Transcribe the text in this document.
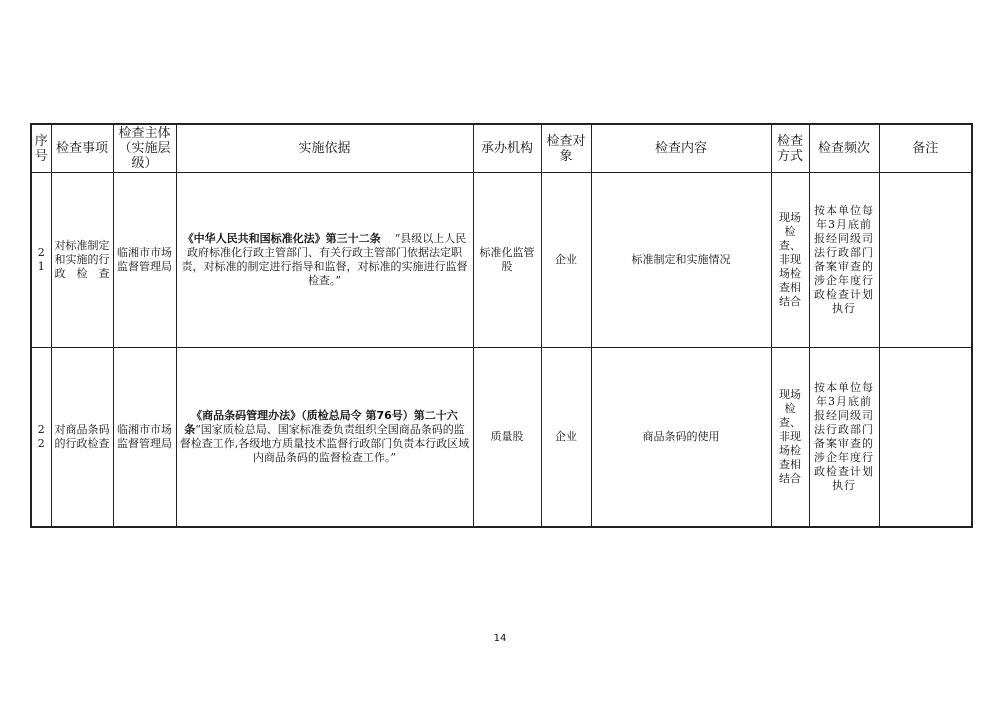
序号	检查事项	检查主体（实施层级）	实施依据	承办机构	检查对象	检查内容	检查方式	检查频次	备注
21	对标准制定和实施的行政检查	临湘市市场监督管理局	《中华人民共和国标准化法》第三十二条 “县级以上人民政府标准化行政主管部门、有关行政主管部门依据法定职责，对标准的制定进行指导和监督，对标准的实施进行监督检查。”	标准化监管股	企业	标准制定和实施情况	现场检查、非现场检查相结合	按本单位每年3月底前报经同级司法行政部门备案审查的涉企年度行政检查计划执行	
22	对商品条码的行政检查	临湘市市场监督管理局	《商品条码管理办法》（质检总局令 第76号）第二十六条“国家质检总局、国家标准委负责组织全国商品条码的监督检查工作,各级地方质量技术监督行政部门负责本行政区域内商品条码的监督检查工作。”	质量股	企业	商品条码的使用	现场检查、非现场检查相结合	按本单位每年3月底前报经同级司法行政部门备案审查的涉企年度行政检查计划执行	
14
